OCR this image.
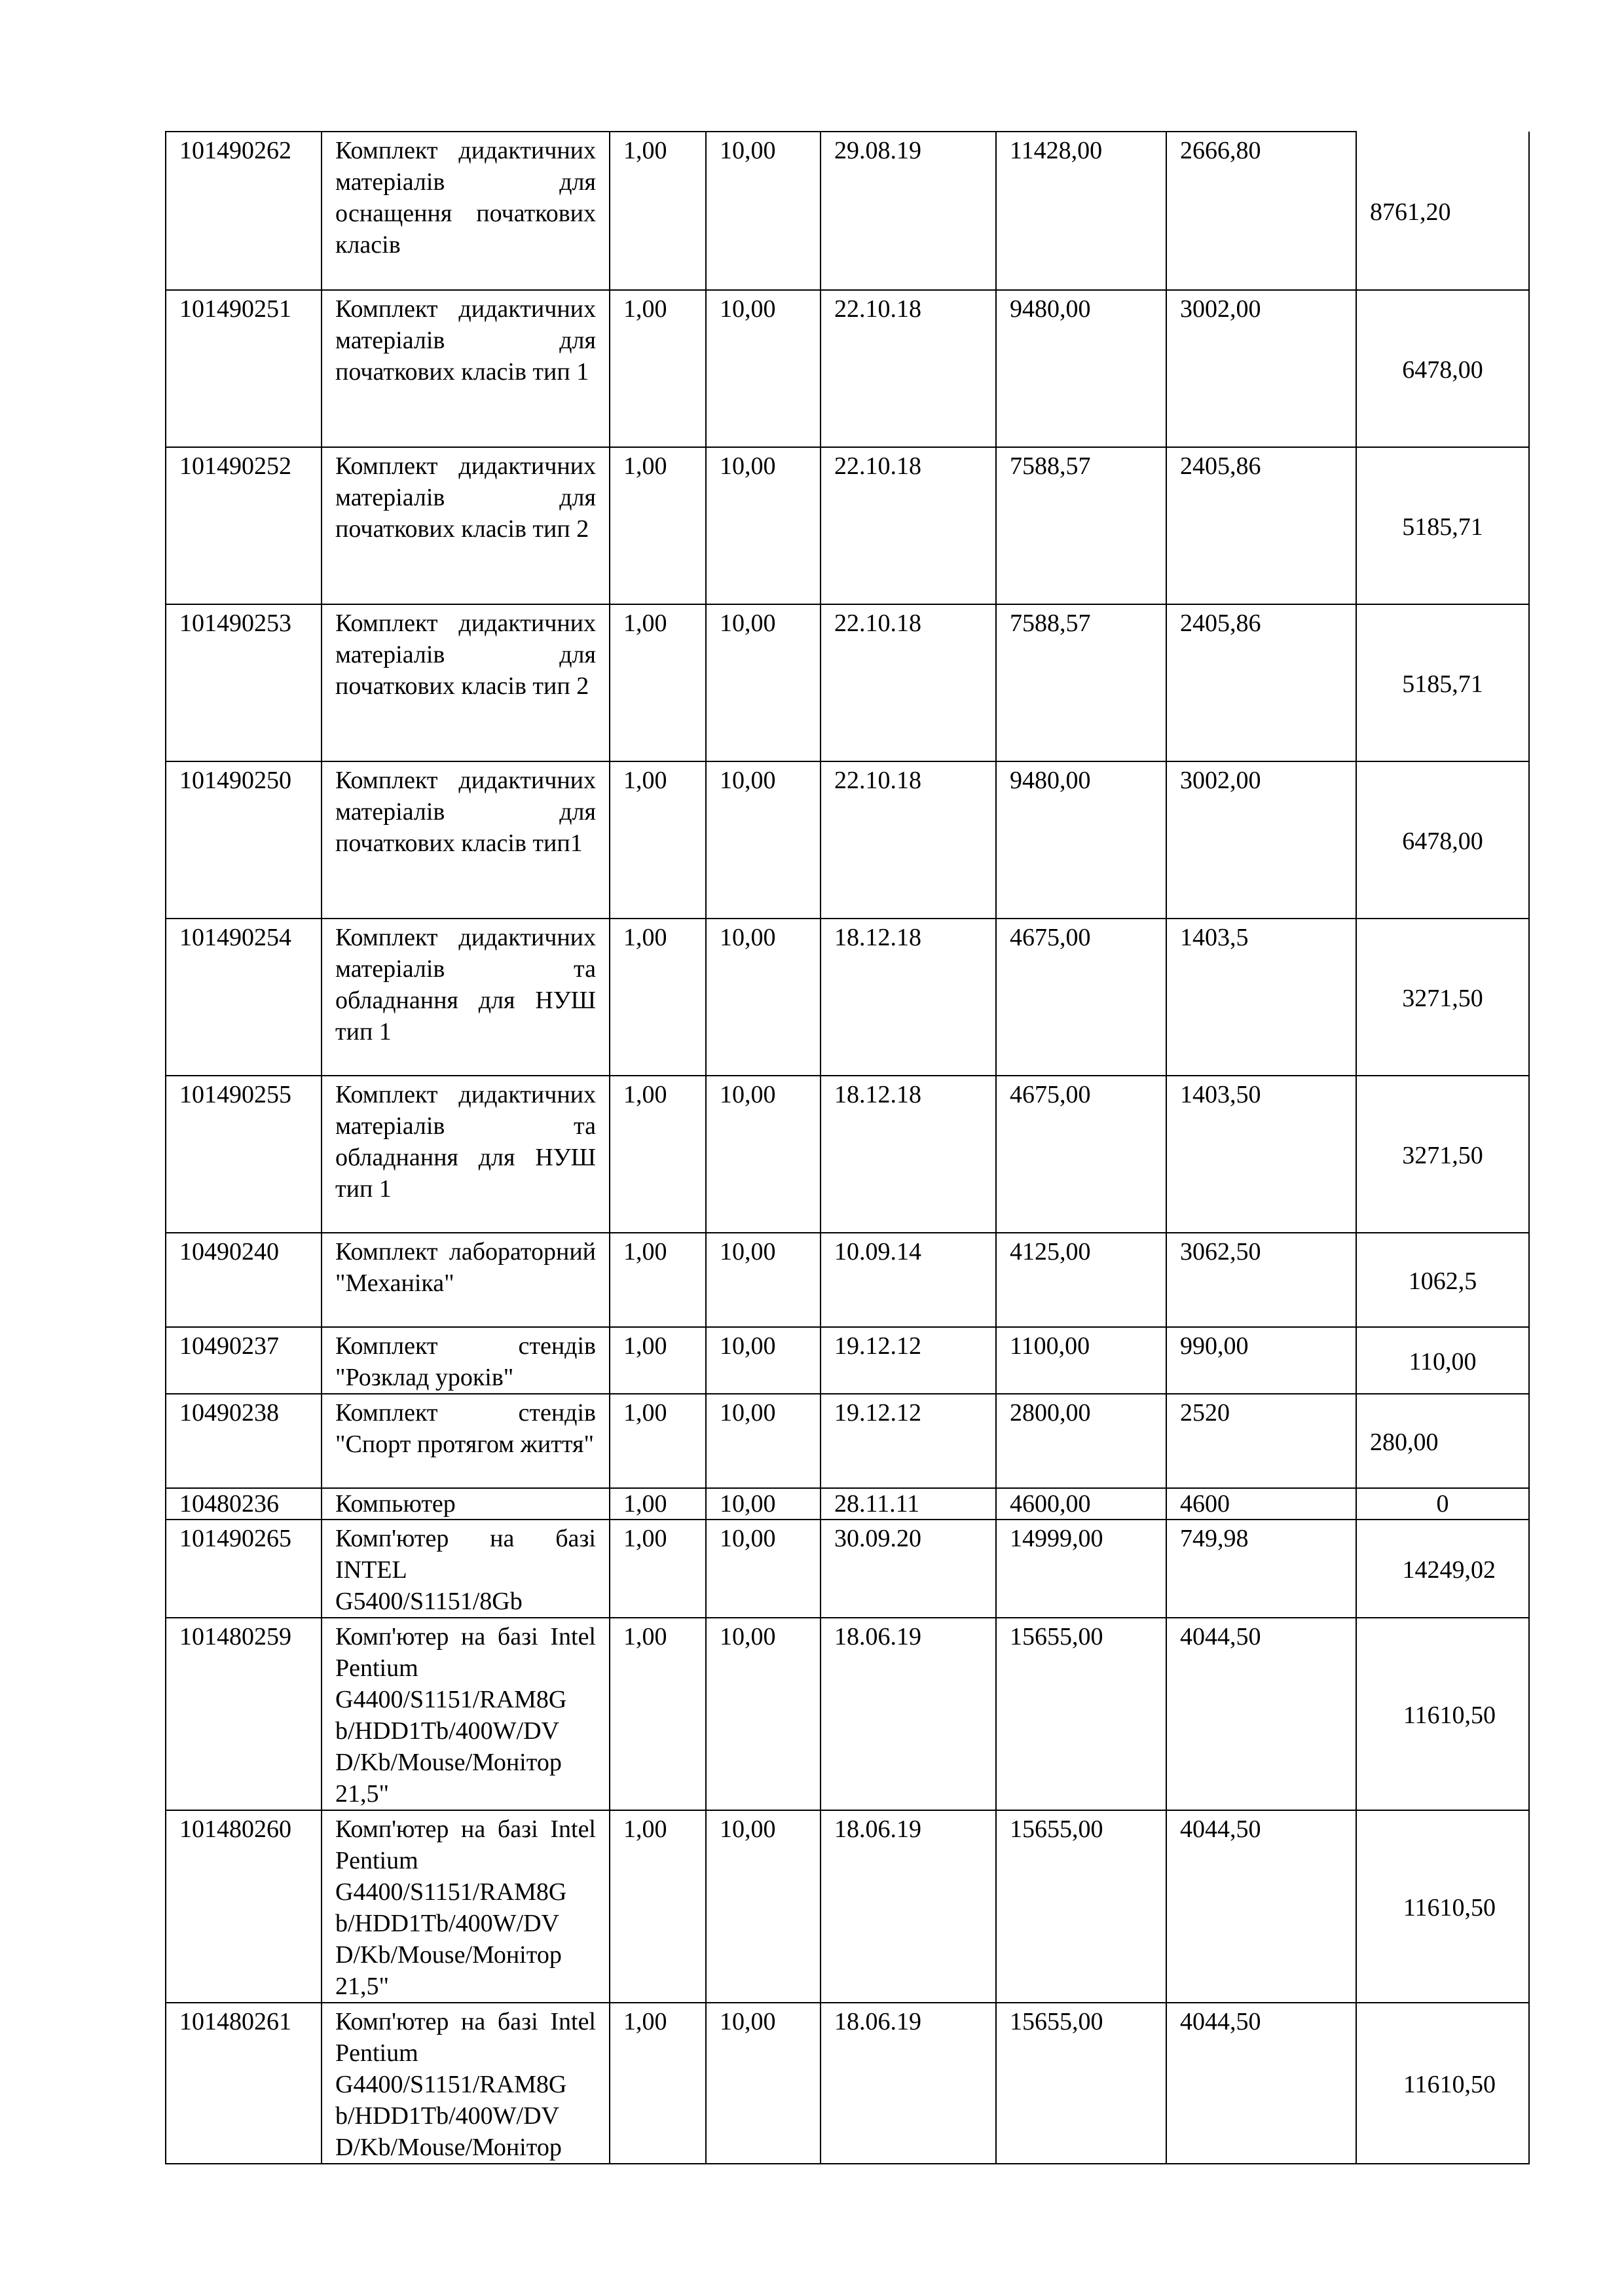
101490262	Комплект дидактичних матеріалів для оснащення початкових класів	1,00	10,00	29.08.19	11428,00	2666,80	8761,20
101490251	Комплект дидактичних матеріалів для початкових класів тип 1	1,00	10,00	22.10.18	9480,00	3002,00	6478,00
101490252	Комплект дидактичних матеріалів для початкових класів тип 2	1,00	10,00	22.10.18	7588,57	2405,86	5185,71
101490253	Комплект дидактичних матеріалів для початкових класів тип 2	1,00	10,00	22.10.18	7588,57	2405,86	5185,71
101490250	Комплект дидактичних матеріалів для початкових класів тип1	1,00	10,00	22.10.18	9480,00	3002,00	6478,00
101490254	Комплект дидактичних матеріалів та обладнання для НУШ тип 1	1,00	10,00	18.12.18	4675,00	1403,5	3271,50
101490255	Комплект дидактичних матеріалів та обладнання для НУШ тип 1	1,00	10,00	18.12.18	4675,00	1403,50	3271,50
10490240	Комплект лабораторний "Механіка"	1,00	10,00	10.09.14	4125,00	3062,50	1062,5
10490237	Комплект стендів "Розклад уроків"	1,00	10,00	19.12.12	1100,00	990,00	110,00
10490238	Комплект стендів "Спорт протягом життя"	1,00	10,00	19.12.12	2800,00	2520	280,00
10480236	Компьютер	1,00	10,00	28.11.11	4600,00	4600	0
101490265	Комп'ютер на базі INTEL G5400/S1151/8Gb	1,00	10,00	30.09.20	14999,00	749,98	14249,02
101480259	Комп'ютер на базі Intel Pentium G4400/S1151/RAM8G b/HDD1Tb/400W/DV D/Kb/Mouse/Монітор 21,5"	1,00	10,00	18.06.19	15655,00	4044,50	11610,50
101480260	Комп'ютер на базі Intel Pentium G4400/S1151/RAM8G b/HDD1Tb/400W/DV D/Kb/Mouse/Монітор 21,5"	1,00	10,00	18.06.19	15655,00	4044,50	11610,50
101480261	Комп'ютер на базі Intel Pentium G4400/S1151/RAM8G b/HDD1Tb/400W/DV D/Kb/Mouse/Монітор	1,00	10,00	18.06.19	15655,00	4044,50	11610,50
